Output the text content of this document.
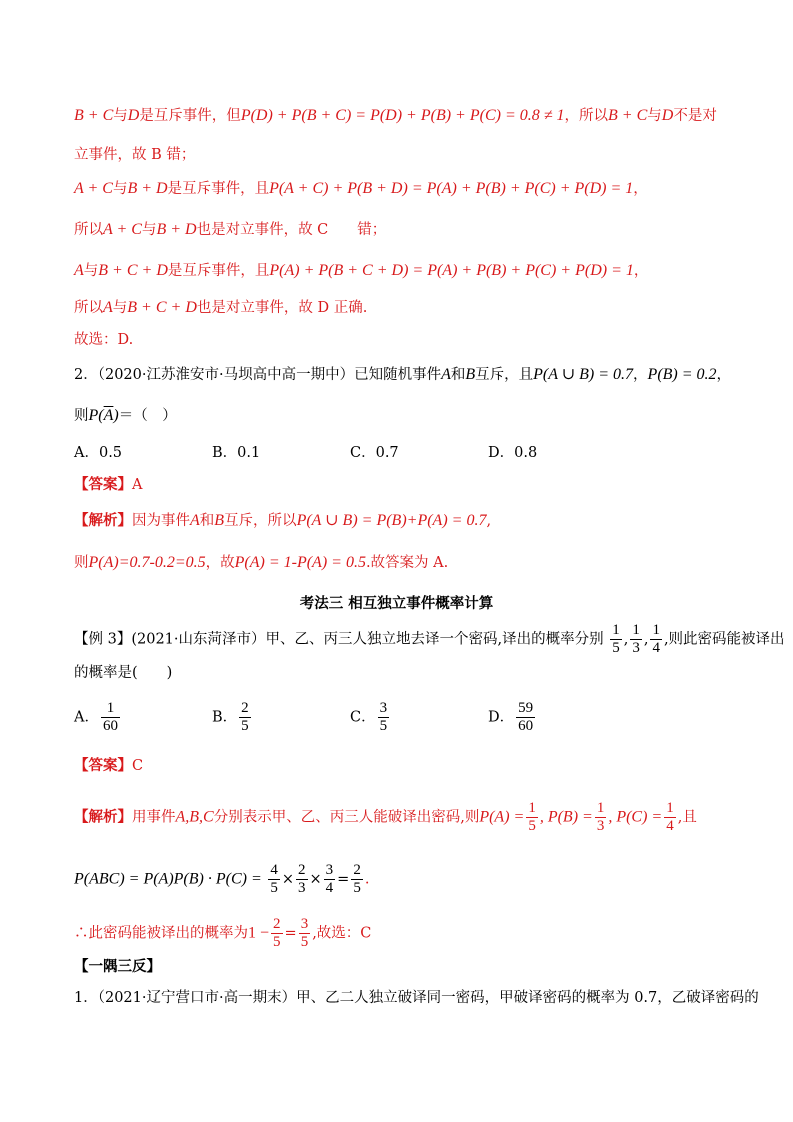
B + C与D是互斥事件，但P(D) + P(B + C) = P(D) + P(B) + P(C) = 0.8 ≠ 1，所以B + C与D不是对
立事件，故 B 错；
A + C与B + D是互斥事件，且P(A + C) + P(B + D) = P(A) + P(B) + P(C) + P(D) = 1，
所以A + C与B + D也是对立事件，故 C　　错；
A与B + C + D是互斥事件，且P(A) + P(B + C + D) = P(A) + P(B) + P(C) + P(D) = 1，
所以A与B + C + D也是对立事件，故 D 正确.
故选：D.
2．（2020·江苏淮安市·马坝高中高一期中）已知随机事件A和B互斥，且P(A ∪ B) = 0.7，P(B) = 0.2，
则$P(\overline{A})=$（　）
A．0.5	B．0.1	C．0.7	D．0.8
【答案】A
【解析】因为事件A和B互斥，所以P(A ∪ B) = P(B)+P(A) = 0.7,
则P(A)=0.7-0.2=0.5，故P(A) = 1-P(A) = 0.5.故答案为 A.
考法三 相互独立事件概率计算
【例 3】(2021·山东菏泽市）甲、乙、丙三人独立地去译一个密码,译出的概率分别 $\frac{1}{5}$ , $\frac{1}{3}$ , $\frac{1}{4}$ ,则此密码能被译出
的概率是(　　)
A． $\frac{1}{60}$	B． $\frac{2}{5}$	C． $\frac{3}{5}$	D． $\frac{59}{60}$
【答案】C
【解析】用事件A,B,C分别表示甲、乙、丙三人能破译出密码,则$P(A) = \frac{1}{5}$ , $P(B) = \frac{1}{3}$ , $P(C) = \frac{1}{4}$ ,且
$P(ABC) = P(A)P(B) \cdot P(C) = \frac{4}{5} \times \frac{2}{3} \times \frac{3}{4} = \frac{2}{5}$ .
∴此密码能被译出的概率为$1 - \frac{2}{5} = \frac{3}{5}$ ,故选：C
【一隅三反】
1．（2021·辽宁营口市·高一期末）甲、乙二人独立破译同一密码，甲破译密码的概率为 0.7，乙破译密码的
